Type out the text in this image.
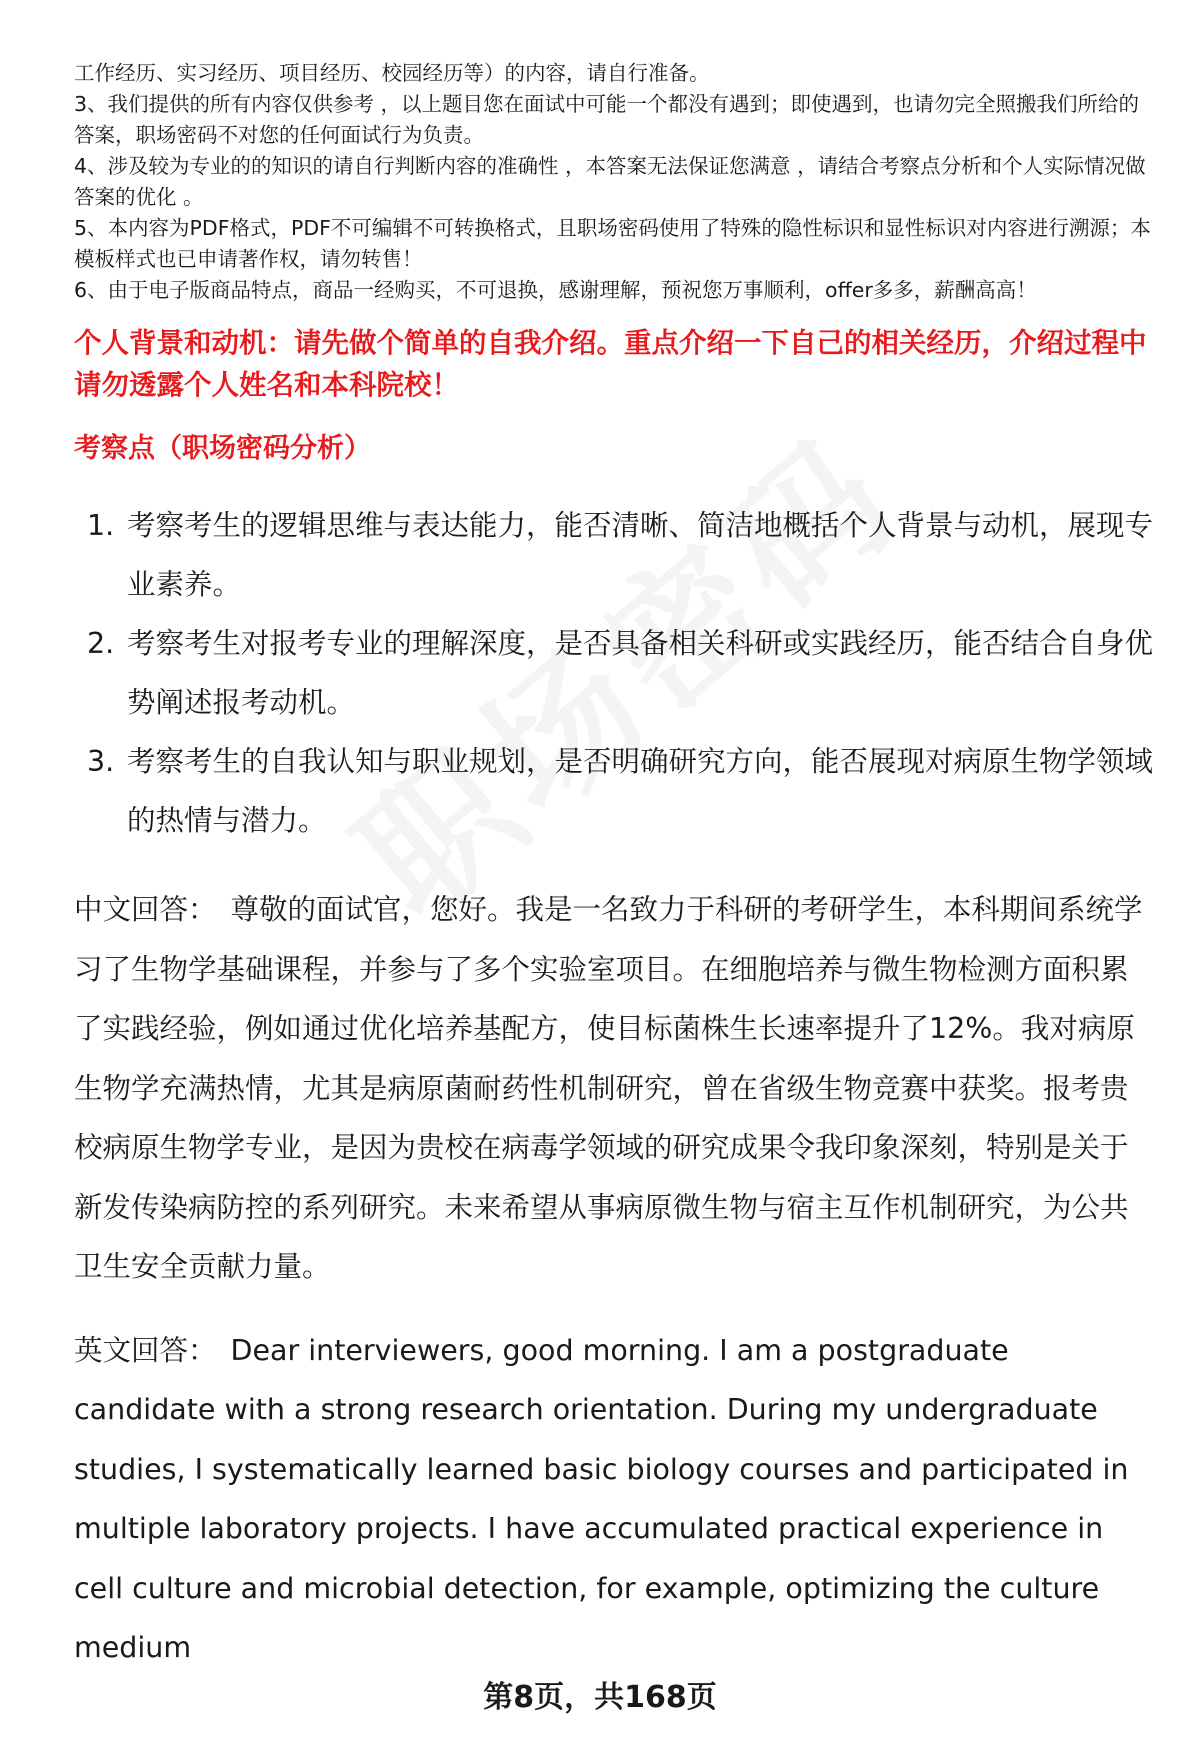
工作经历、实习经历、项目经历、校园经历等）的内容，请自行准备。

3、我们提供的所有内容仅供参考 ，以上题目您在面试中可能一个都没有遇到；即使遇到，也请勿完全照搬我们所给的答案，职场密码不对您的任何面试行为负责。

4、涉及较为专业的的知识的请自行判断内容的准确性 ，本答案无法保证您满意 ，请结合考察点分析和个人实际情况做答案的优化 。

5、本内容为PDF格式，PDF不可编辑不可转换格式，且职场密码使用了特殊的隐性标识和显性标识对内容进行溯源；本模板样式也已申请著作权，请勿转售！

6、由于电子版商品特点，商品一经购买，不可退换，感谢理解，预祝您万事顺利，offer多多，薪酬高高！

个人背景和动机：请先做个简单的自我介绍。重点介绍一下自己的相关经历，介绍过程中请勿透露个人姓名和本科院校！
考察点（职场密码分析）
1. 考察考生的逻辑思维与表达能力，能否清晰、简洁地概括个人背景与动机，展现专业素养。
2. 考察考生对报考专业的理解深度，是否具备相关科研或实践经历，能否结合自身优势阐述报考动机。
3. 考察考生的自我认知与职业规划，是否明确研究方向，能否展现对病原生物学领域的热情与潜力。

中文回答： 尊敬的面试官，您好。我是一名致力于科研的考研学生，本科期间系统学习了生物学基础课程，并参与了多个实验室项目。在细胞培养与微生物检测方面积累了实践经验，例如通过优化培养基配方，使目标菌株生长速率提升了12%。我对病原生物学充满热情，尤其是病原菌耐药性机制研究，曾在省级生物竞赛中获奖。报考贵校病原生物学专业，是因为贵校在病毒学领域的研究成果令我印象深刻，特别是关于新发传染病防控的系列研究。未来希望从事病原微生物与宿主互作机制研究，为公共卫生安全贡献力量。

英文回答： Dear interviewers, good morning. I am a postgraduate candidate with a strong research orientation. During my undergraduate studies, I systematically learned basic biology courses and participated in multiple laboratory projects. I have accumulated practical experience in cell culture and microbial detection, for example, optimizing the culture medium

第8页，共168页
